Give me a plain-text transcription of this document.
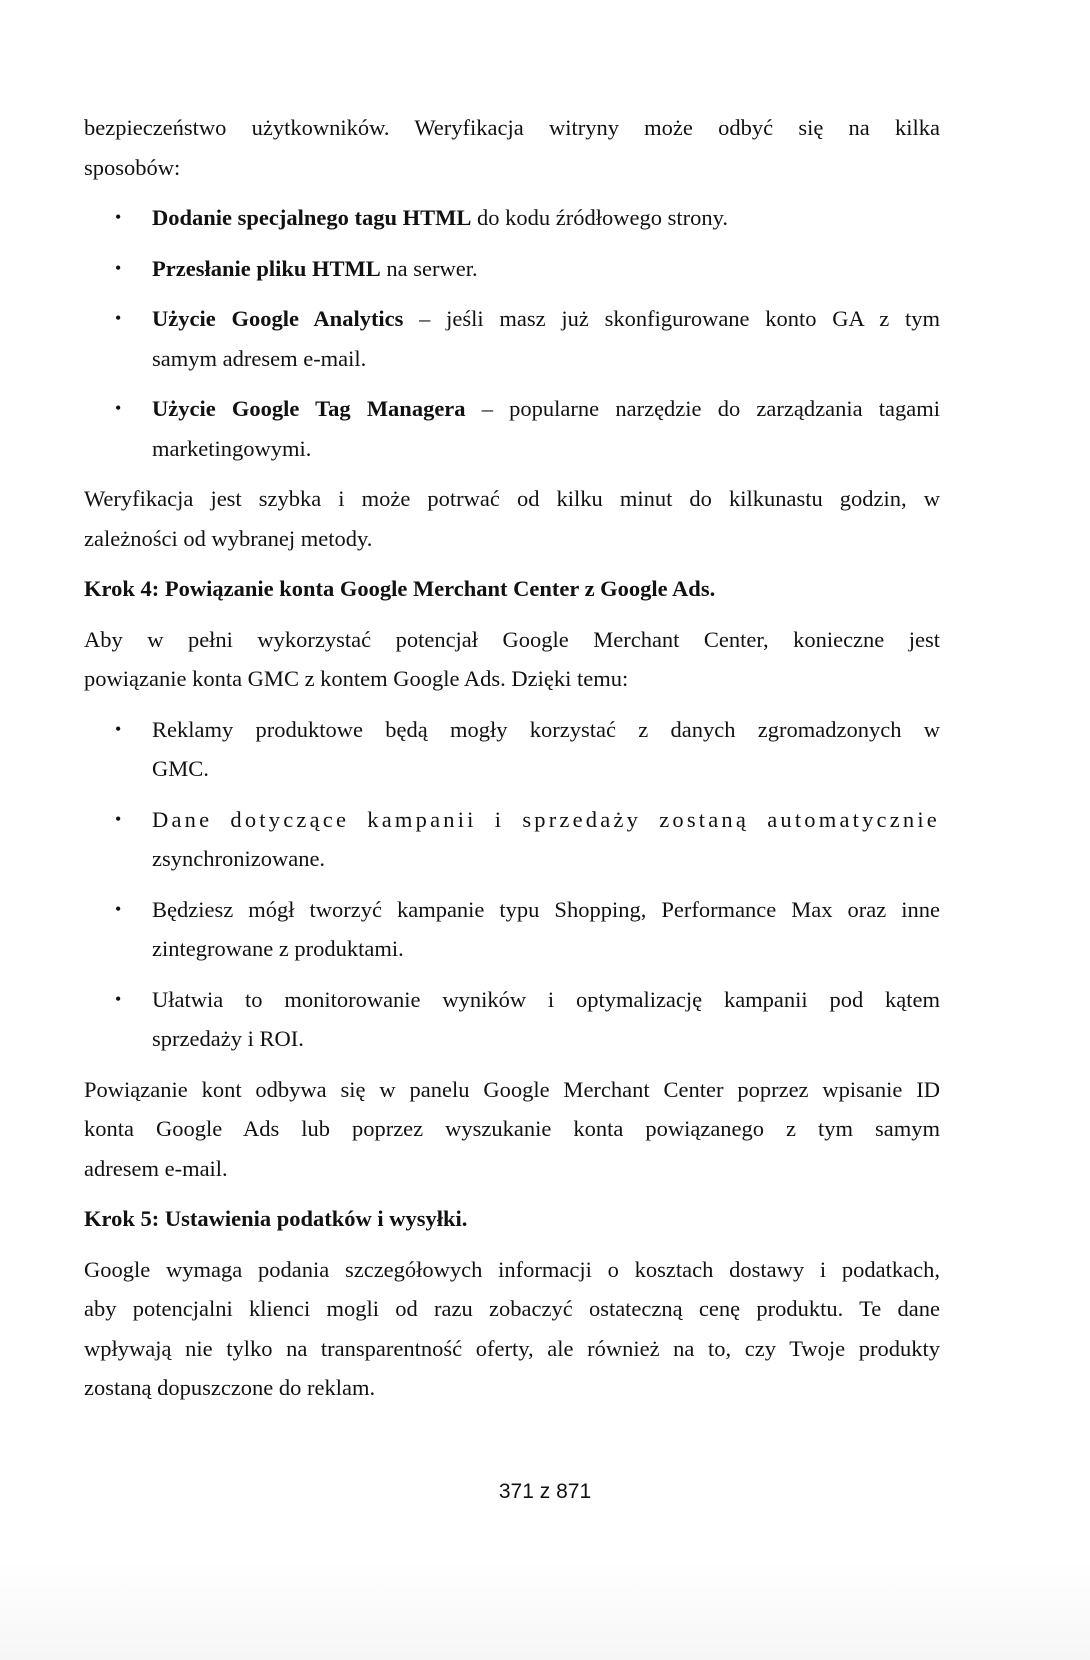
bezpieczeństwo użytkowników. Weryfikacja witryny może odbyć się na kilka
sposobów:

• Dodanie specjalnego tagu HTML do kodu źródłowego strony.
• Przesłanie pliku HTML na serwer.
• Użycie Google Analytics – jeśli masz już skonfigurowane konto GA z tym
samym adresem e-mail.
• Użycie Google Tag Managera – popularne narzędzie do zarządzania tagami
marketingowymi.

Weryfikacja jest szybka i może potrwać od kilku minut do kilkunastu godzin, w
zależności od wybranej metody.

Krok 4: Powiązanie konta Google Merchant Center z Google Ads.

Aby w pełni wykorzystać potencjał Google Merchant Center, konieczne jest
powiązanie konta GMC z kontem Google Ads. Dzięki temu:

• Reklamy produktowe będą mogły korzystać z danych zgromadzonych w
GMC.
• Dane dotyczące kampanii i sprzedaży zostaną automatycznie
zsynchronizowane.
• Będziesz mógł tworzyć kampanie typu Shopping, Performance Max oraz inne
zintegrowane z produktami.
• Ułatwia to monitorowanie wyników i optymalizację kampanii pod kątem
sprzedaży i ROI.

Powiązanie kont odbywa się w panelu Google Merchant Center poprzez wpisanie ID
konta Google Ads lub poprzez wyszukanie konta powiązanego z tym samym
adresem e-mail.

Krok 5: Ustawienia podatków i wysyłki.

Google wymaga podania szczegółowych informacji o kosztach dostawy i podatkach,
aby potencjalni klienci mogli od razu zobaczyć ostateczną cenę produktu. Te dane
wpływają nie tylko na transparentność oferty, ale również na to, czy Twoje produkty
zostaną dopuszczone do reklam.

371 z 871
